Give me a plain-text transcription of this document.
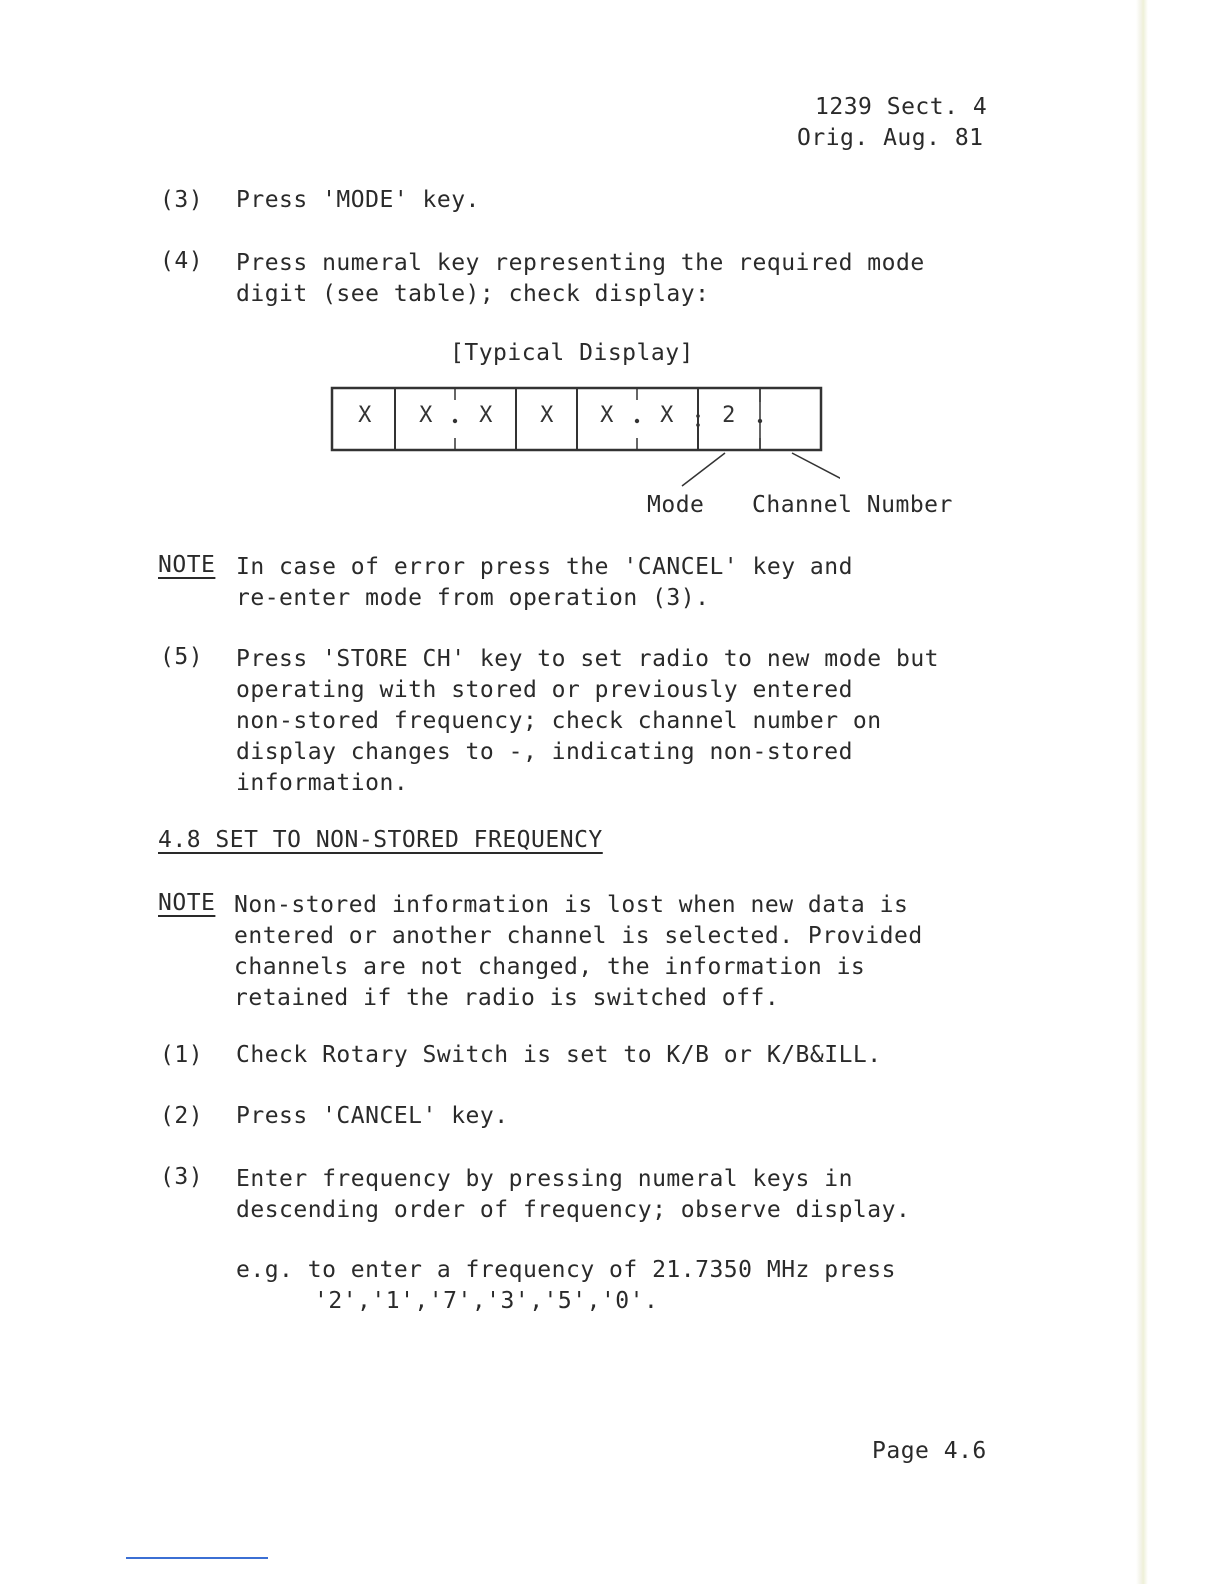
1239 Sect. 4
Orig. Aug. 81
(3) Press 'MODE' key.
(4) Press numeral key representing the required mode
digit (see table); check display:
[Typical Display]
X X X X X X 2
Mode Channel Number
NOTE In case of error press the 'CANCEL' key and
re-enter mode from operation (3).
(5) Press 'STORE CH' key to set radio to new mode but
operating with stored or previously entered
non-stored frequency; check channel number on
display changes to -, indicating non-stored
information.
4.8 SET TO NON-STORED FREQUENCY
NOTE Non-stored information is lost when new data is
entered or another channel is selected. Provided
channels are not changed, the information is
retained if the radio is switched off.
(1) Check Rotary Switch is set to K/B or K/B&ILL.
(2) Press 'CANCEL' key.
(3) Enter frequency by pressing numeral keys in
descending order of frequency; observe display.
e.g. to enter a frequency of 21.7350 MHz press
'2','1','7','3','5','0'.
Page 4.6
